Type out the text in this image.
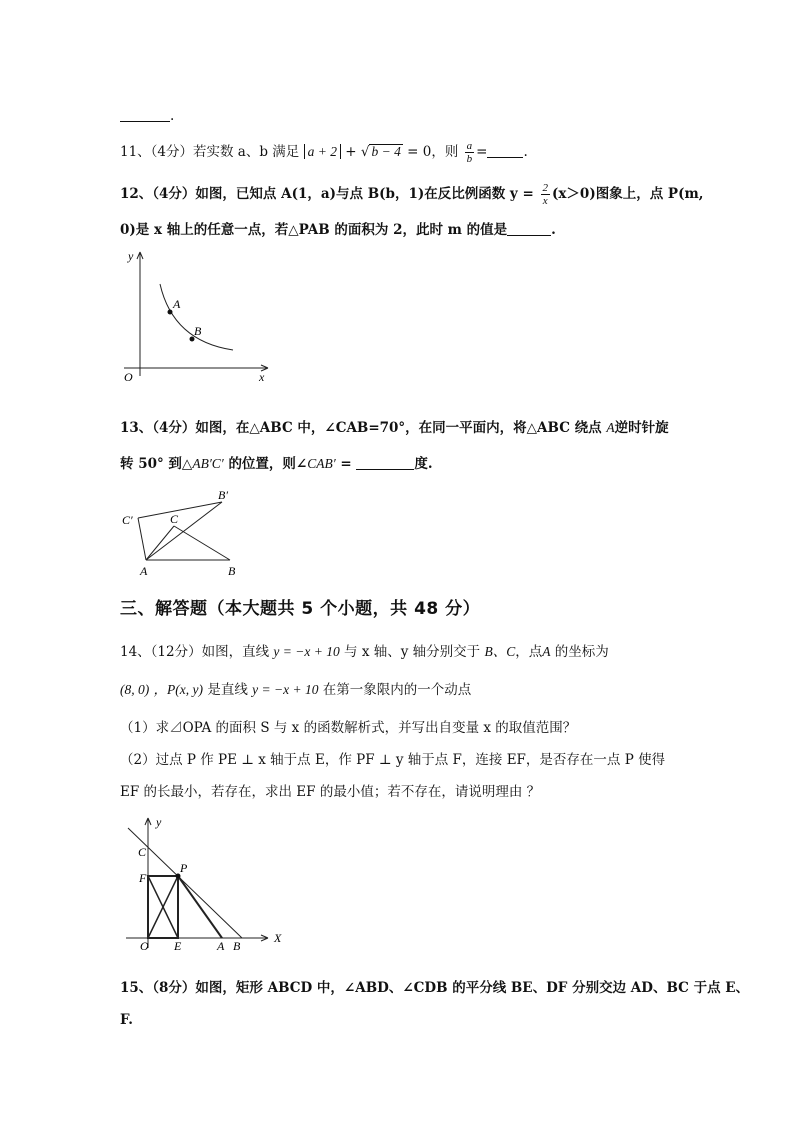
.
11、（4分）若实数 a、b 满足 a + 2 + √ b − 4 = 0，则 $\frac{a}{b}$ =	.
12、（4分）如图，已知点 A(1，a)与点 B(b，1)在反比例函数 $y = \frac{2}{x} (x>0)$图象上，点 P(m,
0)是 x 轴上的任意一点，若△PAB 的面积为 2，此时 m 的值是	.
y
x
O
A
B
13、（4分）如图，在△ABC 中，∠CAB=70°，在同一平面内，将△ABC 绕点 A逆时针旋
转 50° 到△AB′C′ 的位置，则∠CAB′ =	度.
C′	C
B′
A	B
三、解答题（本大题共 5 个小题，共 48 分）
14、（12分）如图，直线 y = −x + 10 与 x 轴、y 轴分别交于 B、C，点A 的坐标为
(8, 0) ，P(x, y) 是直线 y = −x + 10 在第一象限内的一个动点
（1）求⊿OPA 的面积 S 与 x 的函数解析式，并写出自变量 x 的取值范围？
（2）过点 P 作 PE ⊥ x 轴于点 E，作 PF ⊥ y 轴于点 F，连接 EF，是否存在一点 P 使得
EF 的长最小，若存在，求出 EF 的最小值；若不存在，请说明理由 ？
y
X
C
P
F
O E	A B
15、（8分）如图，矩形 ABCD 中，∠ABD、∠CDB 的平分线 BE、DF 分别交边 AD、BC 于点 E、
F.
